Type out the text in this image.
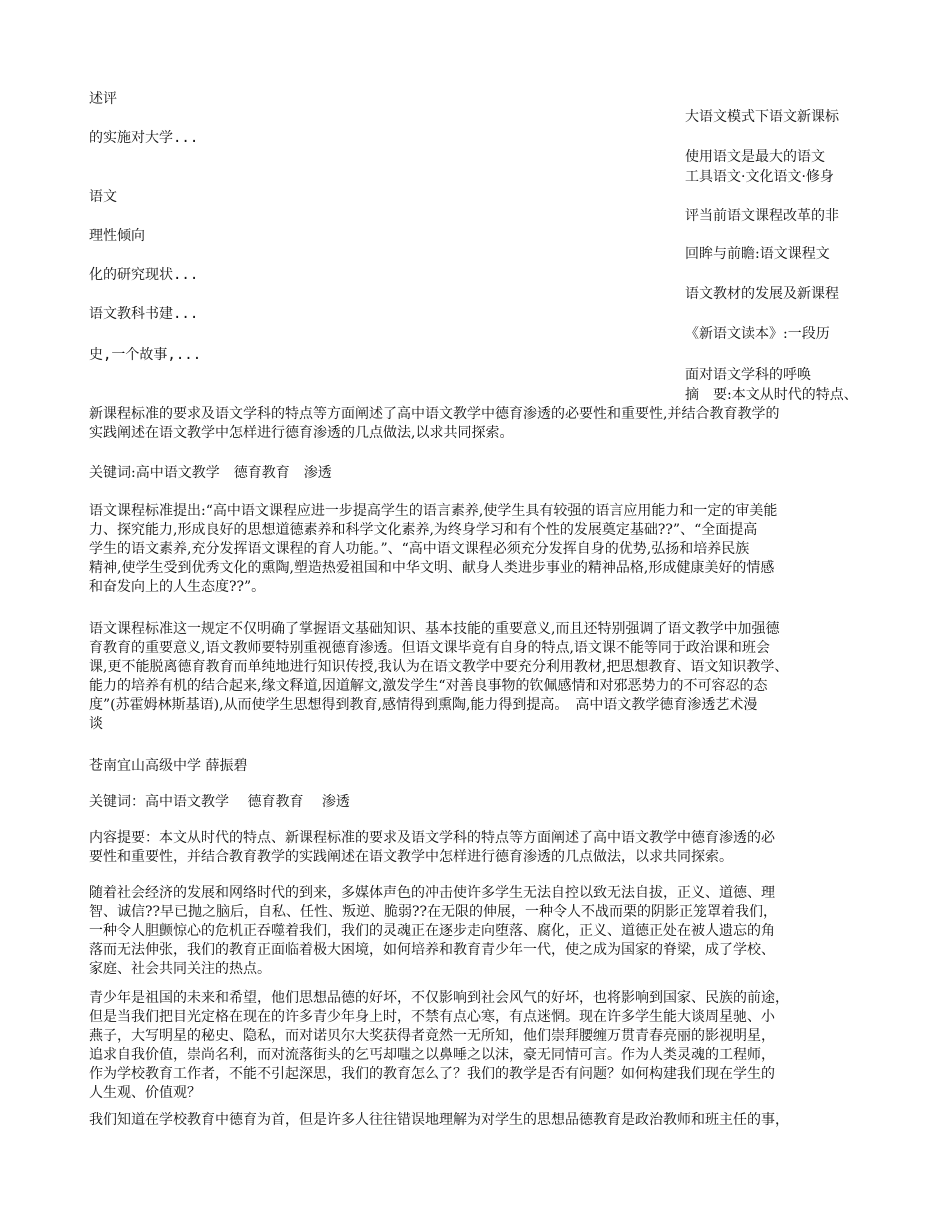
述评
的实施对大学...
语文
理性倾向
化的研究现状...
语文教科书建...
史,一个故事,...
大语文模式下语文新课标
使用语文是最大的语文
工具语文·文化语文·修身
评当前语文课程改革的非
回眸与前瞻:语文课程文
语文教材的发展及新课程
《新语文读本》:一段历
面对语文学科的呼唤
摘　要:本文从时代的特点、
新课程标准的要求及语文学科的特点等方面阐述了高中语文教学中德育渗透的必要性和重要性,并结合教育教学的
实践阐述在语文教学中怎样进行德育渗透的几点做法,以求共同探索。
关键词:高中语文教学　德育教育　渗透
语文课程标准提出:“高中语文课程应进一步提高学生的语言素养,使学生具有较强的语言应用能力和一定的审美能
力、探究能力,形成良好的思想道德素养和科学文化素养,为终身学习和有个性的发展奠定基础??”、“全面提高
学生的语文素养,充分发挥语文课程的育人功能。”、“高中语文课程必须充分发挥自身的优势,弘扬和培养民族
精神,使学生受到优秀文化的熏陶,塑造热爱祖国和中华文明、献身人类进步事业的精神品格,形成健康美好的情感
和奋发向上的人生态度??”。
语文课程标准这一规定不仅明确了掌握语文基础知识、基本技能的重要意义,而且还特别强调了语文教学中加强德
育教育的重要意义,语文教师要特别重视德育渗透。但语文课毕竟有自身的特点,语文课不能等同于政治课和班会
课,更不能脱离德育教育而单纯地进行知识传授,我认为在语文教学中要充分利用教材,把思想教育、语文知识教学、
能力的培养有机的结合起来,缘文释道,因道解文,激发学生“对善良事物的钦佩感情和对邪恶势力的不可容忍的态
度”(苏霍姆林斯基语),从而使学生思想得到教育,感情得到熏陶,能力得到提高。　高中语文教学德育渗透艺术漫
谈
苍南宜山高级中学 薛振碧
关键词：高中语文教学　 德育教育　 渗透
内容提要：本文从时代的特点、新课程标准的要求及语文学科的特点等方面阐述了高中语文教学中德育渗透的必
要性和重要性，并结合教育教学的实践阐述在语文教学中怎样进行德育渗透的几点做法，以求共同探索。
随着社会经济的发展和网络时代的到来，多媒体声色的冲击使许多学生无法自控以致无法自拔，正义、道德、理
智、诚信??早已抛之脑后，自私、任性、叛逆、脆弱??在无限的伸展，一种令人不战而栗的阴影正笼罩着我们，
一种令人胆颤惊心的危机正吞噬着我们，我们的灵魂正在逐步走向堕落、腐化，正义、道德正处在被人遗忘的角
落而无法伸张，我们的教育正面临着极大困境，如何培养和教育青少年一代，使之成为国家的脊梁，成了学校、
家庭、社会共同关注的热点。
青少年是祖国的未来和希望，他们思想品德的好坏，不仅影响到社会风气的好坏，也将影响到国家、民族的前途，
但是当我们把目光定格在现在的许多青少年身上时，不禁有点心寒，有点迷惘。现在许多学生能大谈周星驰、小
燕子，大写明星的秘史、隐私，而对诺贝尔大奖获得者竟然一无所知，他们崇拜腰缠万贯青春亮丽的影视明星，
追求自我价值，崇尚名利，而对流落街头的乞丐却嗤之以鼻唾之以沫，豪无同情可言。作为人类灵魂的工程师，
作为学校教育工作者，不能不引起深思，我们的教育怎么了？我们的教学是否有问题？如何构建我们现在学生的
人生观、价值观？
我们知道在学校教育中德育为首，但是许多人往往错误地理解为对学生的思想品德教育是政治教师和班主任的事，
